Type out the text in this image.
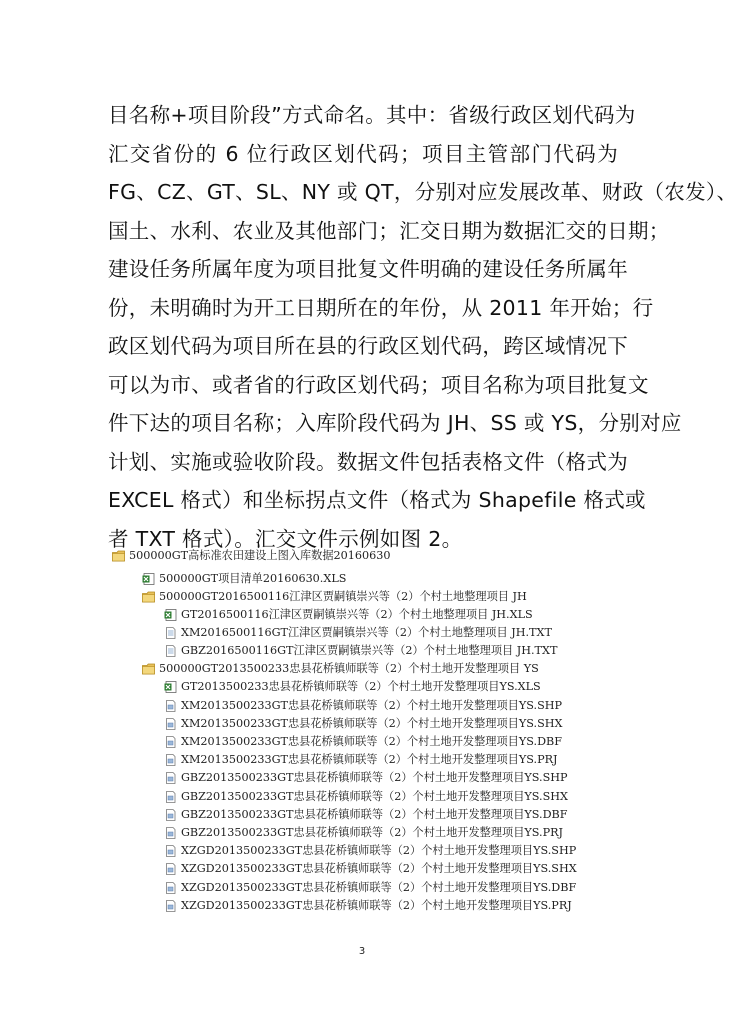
目名称+项目阶段”方式命名。其中：省级行政区划代码为
汇交省份的 6 位行政区划代码；项目主管部门代码为
FG、CZ、GT、SL、NY 或 QT，分别对应发展改革、财政（农发）、
国土、水利、农业及其他部门；汇交日期为数据汇交的日期；
建设任务所属年度为项目批复文件明确的建设任务所属年
份，未明确时为开工日期所在的年份，从 2011 年开始；行
政区划代码为项目所在县的行政区划代码，跨区域情况下
可以为市、或者省的行政区划代码；项目名称为项目批复文
件下达的项目名称；入库阶段代码为 JH、SS 或 YS，分别对应
计划、实施或验收阶段。数据文件包括表格文件（格式为
EXCEL 格式）和坐标拐点文件（格式为 Shapefile 格式或
者 TXT 格式）。汇交文件示例如图 2。
500000GT高标准农田建设上图入库数据20160630
500000GT项目清单20160630.XLS
500000GT2016500116江津区贾嗣镇崇兴等（2）个村土地整理项目 JH
GT2016500116江津区贾嗣镇崇兴等（2）个村土地整理项目 JH.XLS
XM2016500116GT江津区贾嗣镇崇兴等（2）个村土地整理项目 JH.TXT
GBZ2016500116GT江津区贾嗣镇崇兴等（2）个村土地整理项目 JH.TXT
500000GT2013500233忠县花桥镇师联等（2）个村土地开发整理项目 YS
GT2013500233忠县花桥镇师联等（2）个村土地开发整理项目YS.XLS
XM2013500233GT忠县花桥镇师联等（2）个村土地开发整理项目YS.SHP
XM2013500233GT忠县花桥镇师联等（2）个村土地开发整理项目YS.SHX
XM2013500233GT忠县花桥镇师联等（2）个村土地开发整理项目YS.DBF
XM2013500233GT忠县花桥镇师联等（2）个村土地开发整理项目YS.PRJ
GBZ2013500233GT忠县花桥镇师联等（2）个村土地开发整理项目YS.SHP
GBZ2013500233GT忠县花桥镇师联等（2）个村土地开发整理项目YS.SHX
GBZ2013500233GT忠县花桥镇师联等（2）个村土地开发整理项目YS.DBF
GBZ2013500233GT忠县花桥镇师联等（2）个村土地开发整理项目YS.PRJ
XZGD2013500233GT忠县花桥镇师联等（2）个村土地开发整理项目YS.SHP
XZGD2013500233GT忠县花桥镇师联等（2）个村土地开发整理项目YS.SHX
XZGD2013500233GT忠县花桥镇师联等（2）个村土地开发整理项目YS.DBF
XZGD2013500233GT忠县花桥镇师联等（2）个村土地开发整理项目YS.PRJ
3
